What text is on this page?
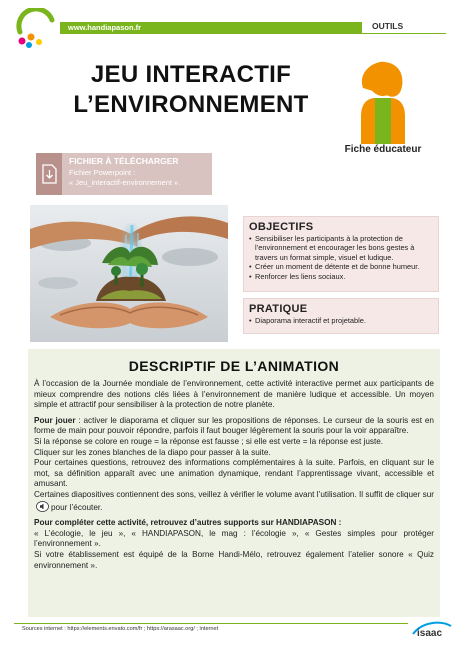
www.handiapason.fr	OUTILS
JEU INTERACTIF
L’ENVIRONNEMENT
Fiche éducateur
FICHIER À TÉLÉCHARGER
Fichier Powerpoint :
« Jeu_interactif-environnement ».
OBJECTIFS
• Sensibiliser les participants à la protection de l’environnement et encourager les bons gestes à travers un format simple, visuel et ludique.
• Créer un moment de détente et de bonne humeur.
• Renforcer les liens sociaux.
PRATIQUE
• Diaporama interactif et projetable.
DESCRIPTIF DE L’ANIMATION

À l’occasion de la Journée mondiale de l’environnement, cette activité interactive permet aux participants de mieux comprendre des notions clés liées à l’environnement de manière ludique et accessible. Un moyen simple et attractif pour sensibiliser à la protection de notre planète.

Pour jouer : activer le diaporama et cliquer sur les propositions de réponses. Le curseur de la souris est en forme de main pour pouvoir répondre, parfois il faut bouger légèrement la souris pour la voir apparaître.

Si la réponse se colore en rouge = la réponse est fausse ; si elle est verte = la réponse est juste.

Cliquer sur les zones blanches de la diapo pour passer à la suite.

Pour certaines questions, retrouvez des informations complémentaires à la suite. Parfois, en cliquant sur le mot, sa définition apparaît avec une animation dynamique, rendant l’apprentissage vivant, accessible et amusant.

Certaines diapositives contiennent des sons, veillez à vérifier le volume avant l’utilisation. Il suffit de cliquer surpour l’écouter.

Pour compléter cette activité, retrouvez d’autres supports sur HANDIAPASON :

« L’écologie, le jeu », « HANDIAPASON, le mag : l’écologie », « Gestes simples pour protéger l’environnement ».

Si votre établissement est équipé de la Borne Handi-Mélo, retrouvez également l’atelier sonore « Quiz environnement ».

Sources internet : https://elements.envato.com/fr ; https://arasaac.org/ ; internet	isaac
